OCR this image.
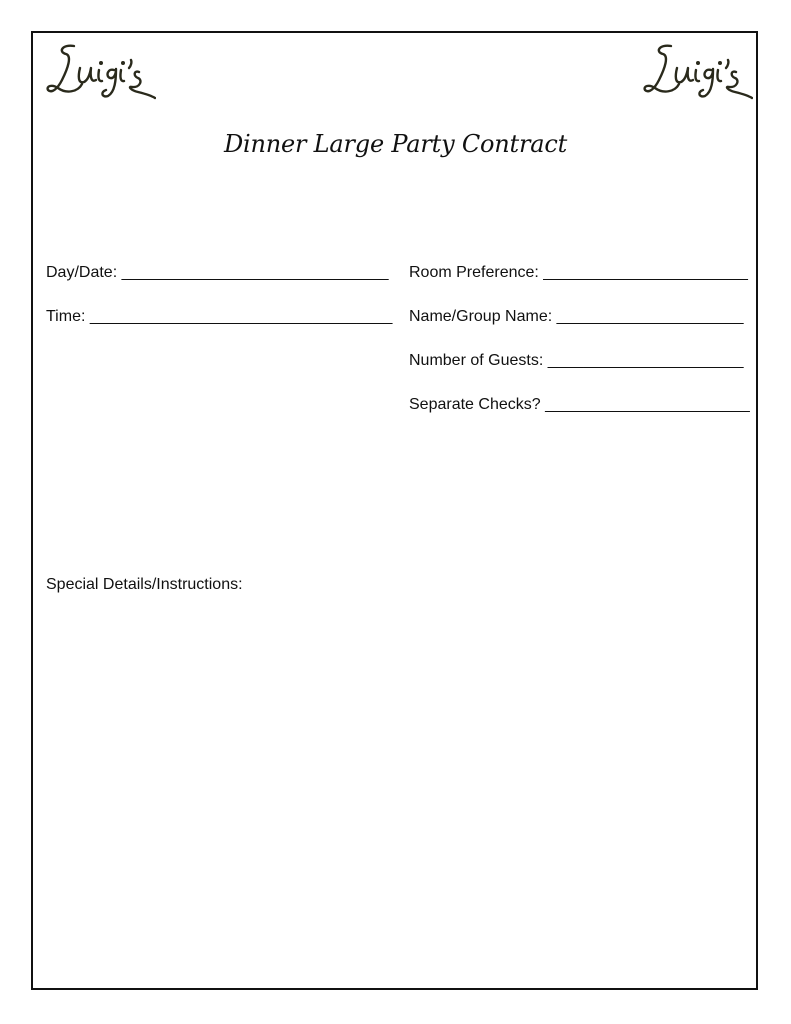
Dinner Large Party Contract
Day/Date: ______________________________
Time: __________________________________
Room Preference: _______________________
Name/Group Name: _____________________
Number of Guests: ______________________
Separate Checks? _______________________
Special Details/Instructions:
